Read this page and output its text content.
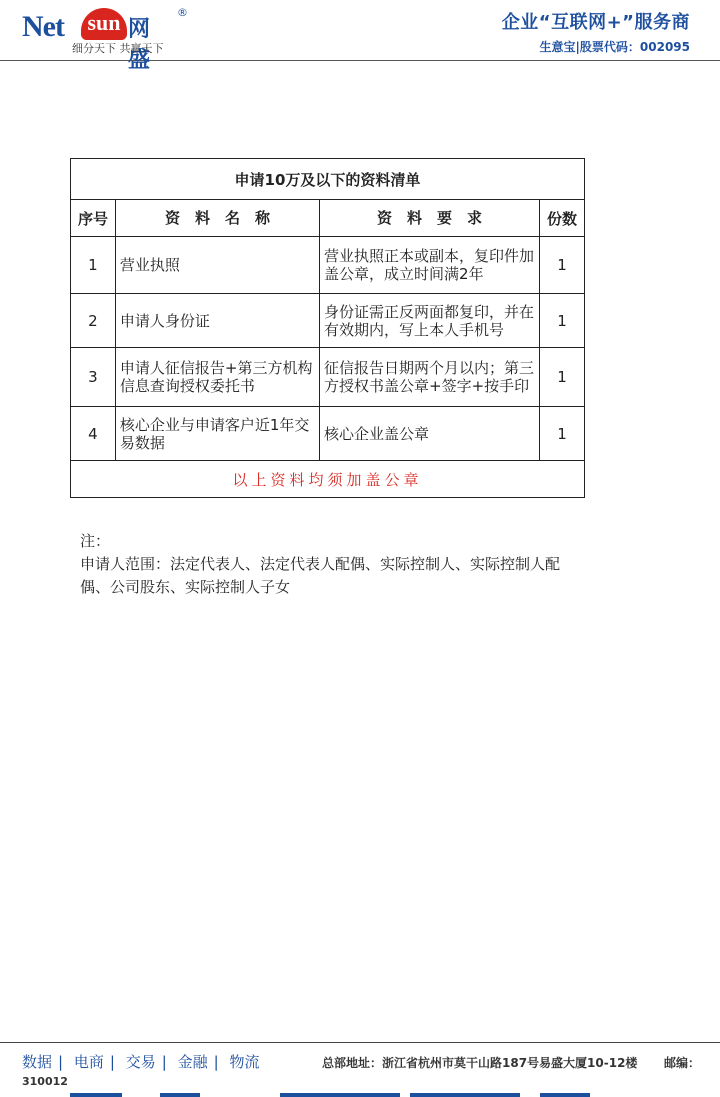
Net sun 网盛
®
细分天下 共赢天下
企业“互联网+”服务商
生意宝|股票代码：002095
申请10万及以下的资料清单			
序号	资　料　名　称	资　料　要　求	份数
1	营业执照	营业执照正本或副本，复印件加盖公章，成立时间满2年	1
2	申请人身份证	身份证需正反两面都复印，并在有效期内，写上本人手机号	1
3	申请人征信报告+第三方机构信息查询授权委托书	征信报告日期两个月以内；第三方授权书盖公章+签字+按手印	1
4	核心企业与申请客户近1年交易数据	核心企业盖公章	1
以上资料均须加盖公章			
注：
申请人范围：法定代表人、法定代表人配偶、实际控制人、实际控制人配偶、公司股东、实际控制人子女
数据 | 电商 | 交易 | 金融 | 物流	总部地址：浙江省杭州市莫干山路187号易盛大厦10-12楼 邮编：
310012
